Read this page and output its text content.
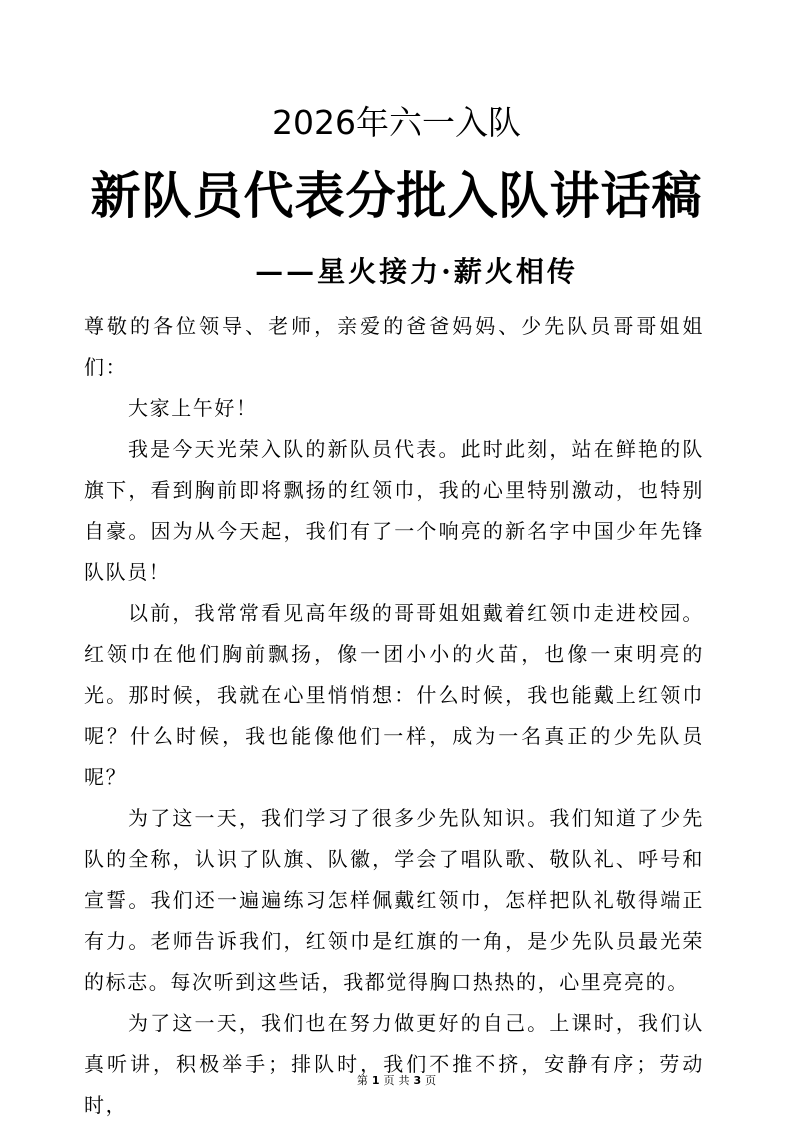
2026年六一入队
新队员代表分批入队讲话稿
——星火接力·薪火相传

尊敬的各位领导、老师，亲爱的爸爸妈妈、少先队员哥哥姐姐们：

大家上午好！

我是今天光荣入队的新队员代表。此时此刻，站在鲜艳的队旗下，看到胸前即将飘扬的红领巾，我的心里特别激动，也特别自豪。因为从今天起，我们有了一个响亮的新名字中国少年先锋队队员！

以前，我常常看见高年级的哥哥姐姐戴着红领巾走进校园。红领巾在他们胸前飘扬，像一团小小的火苗，也像一束明亮的光。那时候，我就在心里悄悄想：什么时候，我也能戴上红领巾呢？什么时候，我也能像他们一样，成为一名真正的少先队员呢？

为了这一天，我们学习了很多少先队知识。我们知道了少先队的全称，认识了队旗、队徽，学会了唱队歌、敬队礼、呼号和宣誓。我们还一遍遍练习怎样佩戴红领巾，怎样把队礼敬得端正有力。老师告诉我们，红领巾是红旗的一角，是少先队员最光荣的标志。每次听到这些话，我都觉得胸口热热的，心里亮亮的。

为了这一天，我们也在努力做更好的自己。上课时，我们认真听讲，积极举手；排队时，我们不推不挤，安静有序；劳动时，

第 1 页 共 3 页
